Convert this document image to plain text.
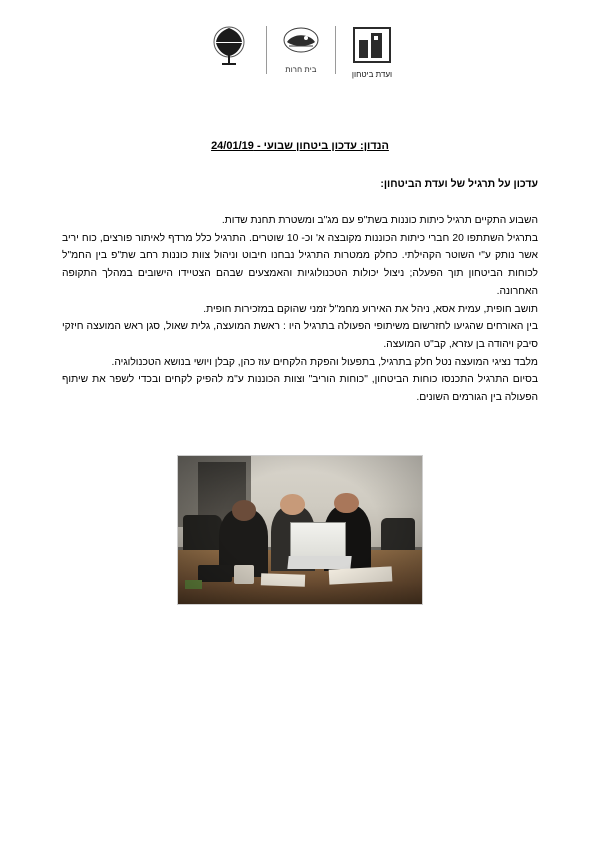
בית חרות
ועדת ביטחון
הנדון: עדכון ביטחון שבועי - 24/01/19
עדכון על תרגיל של ועדת הביטחון:

השבוע התקיים תרגיל כיתות כוננות בשת"פ עם מג"ב ומשטרת תחנת שדות.

בתרגיל השתתפו 20 חברי כיתות הכוננות מקובצה א' וכ- 10 שוטרים. התרגיל כלל מרדף לאיתור פורצים, כוח יריב אשר נותק ע"י השוטר הקהילתי. כחלק ממטרות התרגיל נבחנו חיבוט וניהול צוות כוננות רחב שת"פ בין החמ"ל לכוחות הביטחון תוך הפעלה; ניצול יכולות הטכנולוגיות והאמצעים שבהם הצטיידו הישובים במהלך התקופה האחרונה.

תושב חופית, עמית אסא, ניהל את האירוע מחמ"ל זמני שהוקם במזכירות חופית.

בין האורחים שהגיעו לחזרשום משיתופי הפעולה בתרגיל היו : ראשת המועצה, גלית שאול, סגן ראש המועצה חיזקי סיבק ויהודה בן עזרא, קב"ט המועצה.

מלבד נציגי המועצה נטל חלק בתרגיל, בתפעול והפקת הלקחים עוז כהן, קבלן ויושי בנושא הטכנולוגיה.

בסיום התרגיל התכנסו כוחות הביטחון, "כוחות הוריב" וצוות הכוננות ע"מ להפיק לקחים ובכדי לשפר את שיתוף הפעולה בין הגורמים השונים.
